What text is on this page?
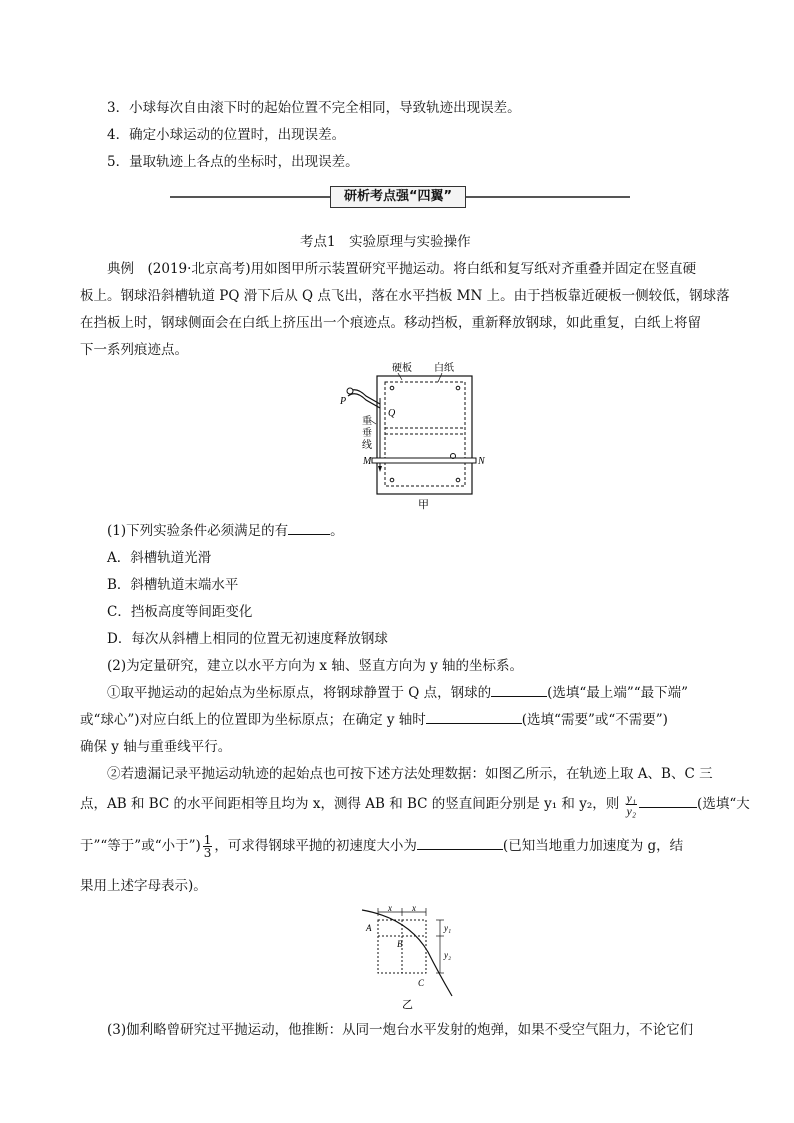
3．小球每次自由滚下时的起始位置不完全相同，导致轨迹出现误差。
4．确定小球运动的位置时，出现误差。
5．量取轨迹上各点的坐标时，出现误差。
研析考点强“四翼”
考点1　实验原理与实验操作
典例　(2019·北京高考)用如图甲所示装置研究平抛运动。将白纸和复写纸对齐重叠并固定在竖直硬
板上。钢球沿斜槽轨道 PQ 滑下后从 Q 点飞出，落在水平挡板 MN 上。由于挡板靠近硬板一侧较低，钢球落
在挡板上时，钢球侧面会在白纸上挤压出一个痕迹点。移动挡板，重新释放钢球，如此重复，白纸上将留
下一系列痕迹点。
硬板 白纸
P
Q
重
垂
线
M	N
甲
(1)下列实验条件必须满足的有	。
A．斜槽轨道光滑
B．斜槽轨道末端水平
C．挡板高度等间距变化
D．每次从斜槽上相同的位置无初速度释放钢球
(2)为定量研究，建立以水平方向为 x 轴、竖直方向为 y 轴的坐标系。
①取平抛运动的起始点为坐标原点，将钢球静置于 Q 点，钢球的	(选填“最上端”“最下端”
或“球心”)对应白纸上的位置即为坐标原点；在确定 y 轴时	(选填“需要”或“不需要”)
确保 y 轴与重垂线平行。
②若遗漏记录平抛运动轨迹的起始点也可按下述方法处理数据：如图乙所示，在轨迹上取 A、B、C 三
点，AB 和 BC 的水平间距相等且均为 x，测得 AB 和 BC 的竖直间距分别是 y₁ 和 y₂，则 $\frac{\text{y₁}}{\text{y₂}}$	(选填“大
于”“等于”或“小于”) $\frac{1}{3}$ ，可求得钢球平抛的初速度大小为	(已知当地重力加速度为 g，结
果用上述字母表示)。
x x
y₁
y₂
A
B
C
乙
(3)伽利略曾研究过平抛运动，他推断：从同一炮台水平发射的炮弹，如果不受空气阻力，不论它们
